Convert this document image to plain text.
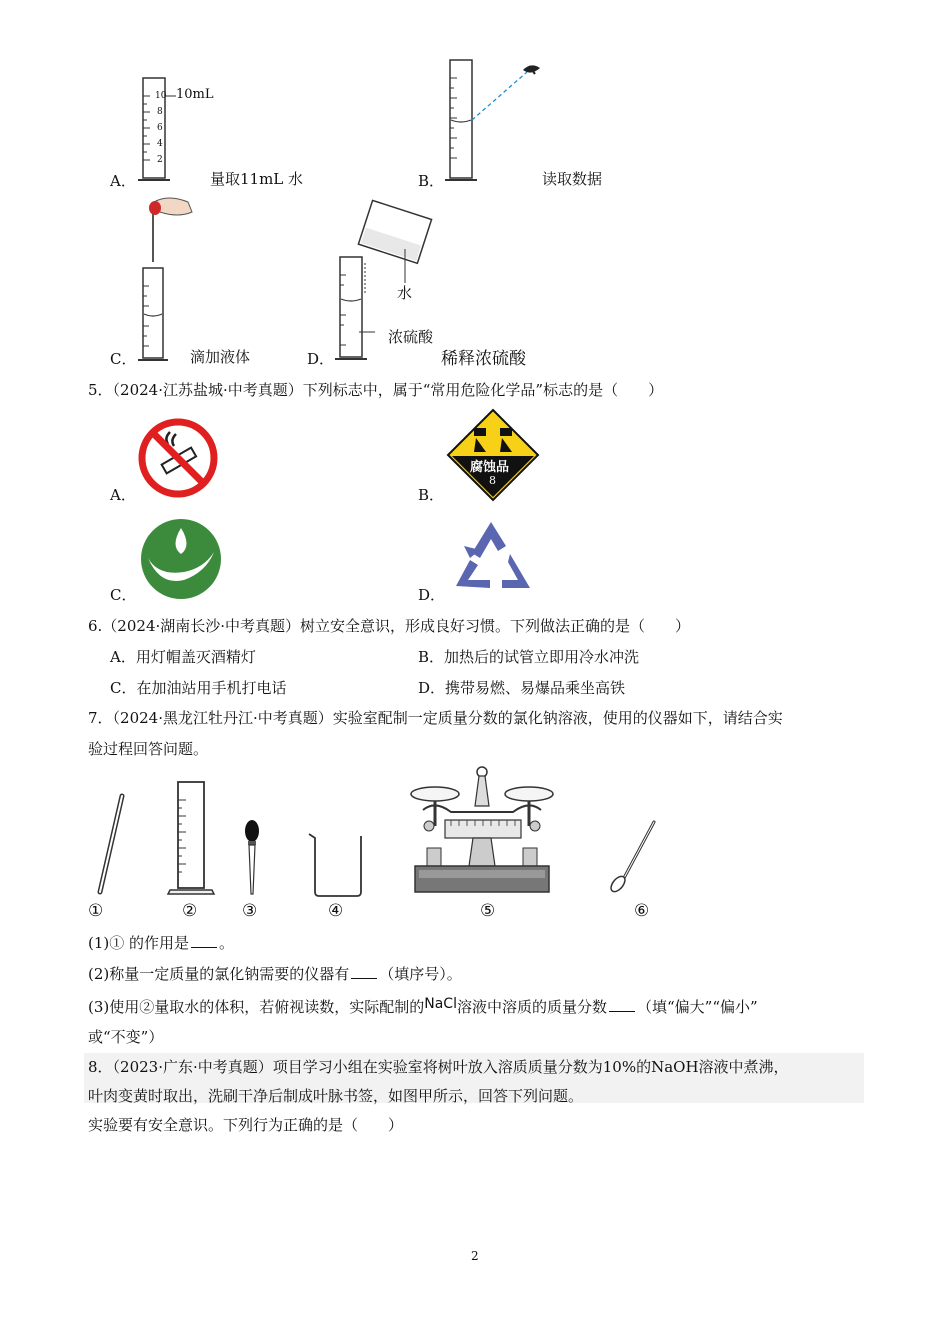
10mL
10
8
6
4
2
A．	量取11mL 水	B．	读取数据
C．	滴加液体
水
浓硫酸
D．	稀释浓硫酸
5．（2024·江苏盐城·中考真题）下列标志中，属于“常用危险化学品”标志的是（　　）
A．
腐蚀品
8
B．
C．	D．
6.（2024·湖南长沙·中考真题）树立安全意识，形成良好习惯。下列做法正确的是（　　）
A．用灯帽盖灭酒精灯	B．加热后的试管立即用冷水冲洗
C．在加油站用手机打电话	D．携带易燃、易爆品乘坐高铁
7．（2024·黑龙江牡丹江·中考真题）实验室配制一定质量分数的氯化钠溶液，使用的仪器如下，请结合实
验过程回答问题。
①	②	③	④	⑤	⑥
(1)① 的作用是 。
(2)称量一定质量的氯化钠需要的仪器有 （填序号）。
(3)使用②量取水的体积，若俯视读数，实际配制的NaCl溶液中溶质的质量分数 （填“偏大”“偏小”
或“不变”）
8．（2023·广东·中考真题）项目学习小组在实验室将树叶放入溶质质量分数为10%的NaOH溶液中煮沸，
叶肉变黄时取出，洗刷干净后制成叶脉书签，如图甲所示，回答下列问题。
实验要有安全意识。下列行为正确的是（　　）
2
